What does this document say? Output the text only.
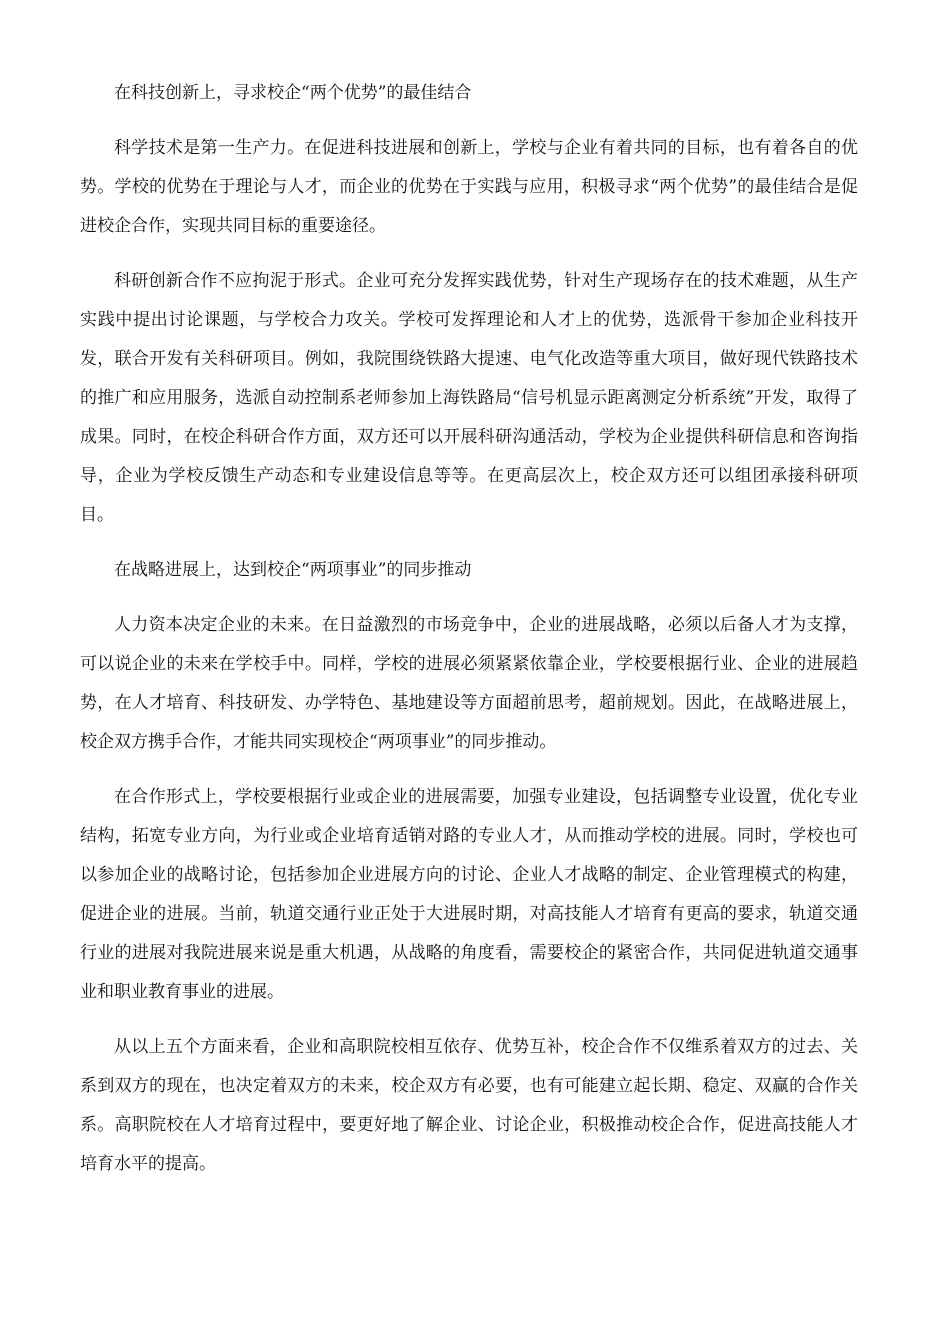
在科技创新上，寻求校企“两个优势”的最佳结合

科学技术是第一生产力。在促进科技进展和创新上，学校与企业有着共同的目标，也有着各自的优势。学校的优势在于理论与人才，而企业的优势在于实践与应用，积极寻求“两个优势”的最佳结合是促进校企合作，实现共同目标的重要途径。

科研创新合作不应拘泥于形式。企业可充分发挥实践优势，针对生产现场存在的技术难题，从生产实践中提出讨论课题，与学校合力攻关。学校可发挥理论和人才上的优势，选派骨干参加企业科技开发，联合开发有关科研项目。例如，我院围绕铁路大提速、电气化改造等重大项目，做好现代铁路技术的推广和应用服务，选派自动控制系老师参加上海铁路局“信号机显示距离测定分析系统”开发，取得了成果。同时，在校企科研合作方面，双方还可以开展科研沟通活动，学校为企业提供科研信息和咨询指导，企业为学校反馈生产动态和专业建设信息等等。在更高层次上，校企双方还可以组团承接科研项目。

在战略进展上，达到校企“两项事业”的同步推动

人力资本决定企业的未来。在日益激烈的市场竞争中，企业的进展战略，必须以后备人才为支撑，可以说企业的未来在学校手中。同样，学校的进展必须紧紧依靠企业，学校要根据行业、企业的进展趋势，在人才培育、科技研发、办学特色、基地建设等方面超前思考，超前规划。因此，在战略进展上，校企双方携手合作，才能共同实现校企“两项事业”的同步推动。

在合作形式上，学校要根据行业或企业的进展需要，加强专业建设，包括调整专业设置，优化专业结构，拓宽专业方向，为行业或企业培育适销对路的专业人才，从而推动学校的进展。同时，学校也可以参加企业的战略讨论，包括参加企业进展方向的讨论、企业人才战略的制定、企业管理模式的构建，促进企业的进展。当前，轨道交通行业正处于大进展时期，对高技能人才培育有更高的要求，轨道交通行业的进展对我院进展来说是重大机遇，从战略的角度看，需要校企的紧密合作，共同促进轨道交通事业和职业教育事业的进展。

从以上五个方面来看，企业和高职院校相互依存、优势互补，校企合作不仅维系着双方的过去、关系到双方的现在，也决定着双方的未来，校企双方有必要，也有可能建立起长期、稳定、双赢的合作关系。高职院校在人才培育过程中，要更好地了解企业、讨论企业，积极推动校企合作，促进高技能人才培育水平的提高。
